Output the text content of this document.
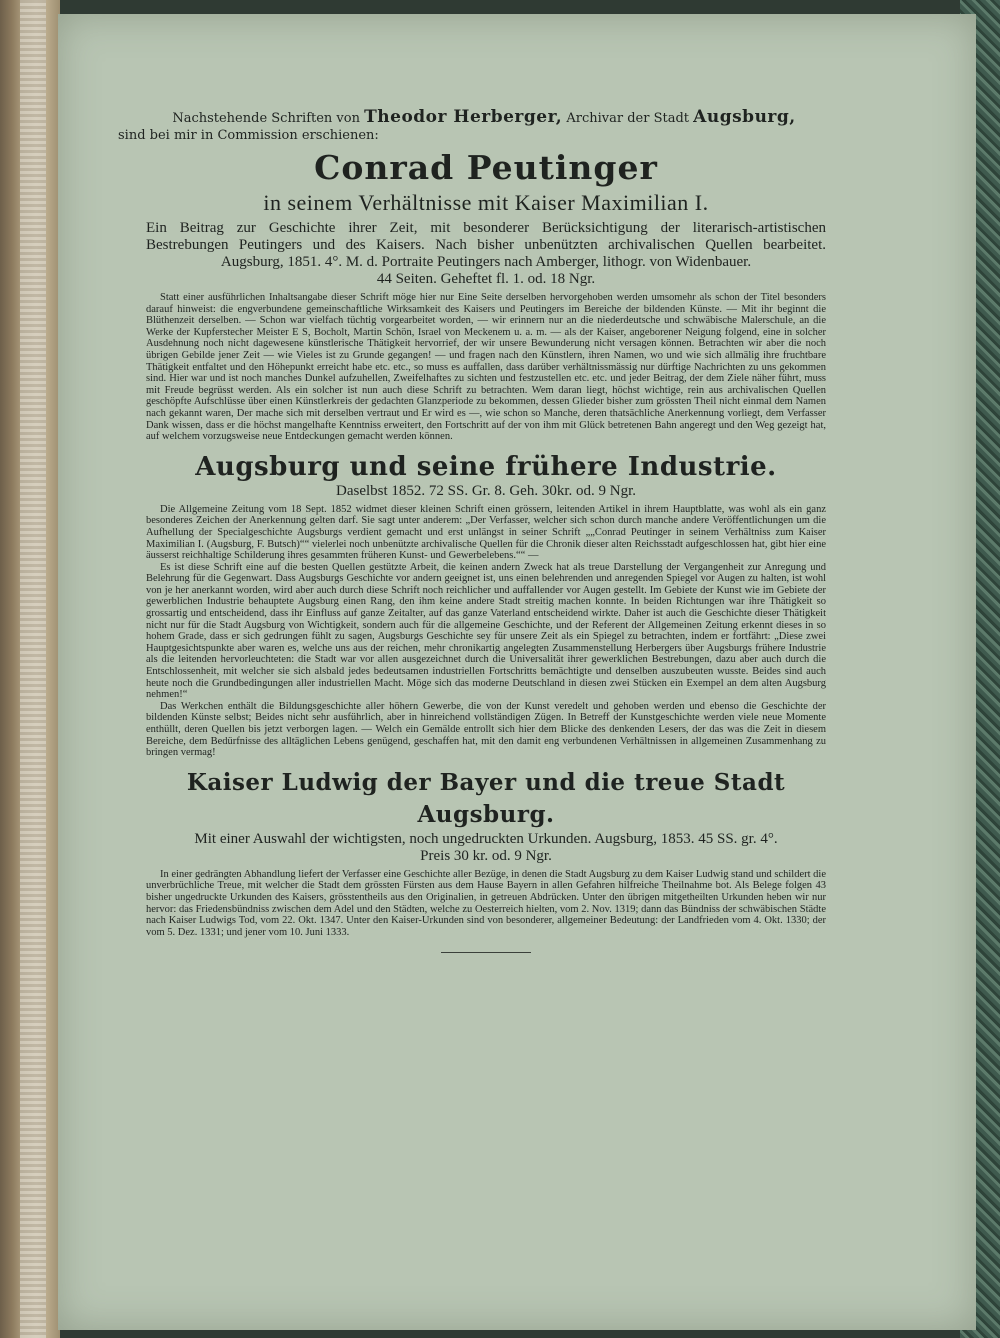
Nachstehende Schriften von Theodor Herberger, Archivar der Stadt Augsburg,
sind bei mir in Commission erschienen:
Conrad Peutinger
in seinem Verhältnisse mit Kaiser Maximilian I.
Ein Beitrag zur Geschichte ihrer Zeit, mit besonderer Berücksichtigung der literarisch-artistischen
Bestrebungen Peutingers und des Kaisers. Nach bisher unbenützten archivalischen Quellen bearbeitet.
Augsburg, 1851. 4°. M. d. Portraite Peutingers nach Amberger, lithogr. von Widenbauer.
44 Seiten. Geheftet fl. 1. od. 18 Ngr.

Statt einer ausführlichen Inhaltsangabe dieser Schrift möge hier nur Eine Seite derselben hervorgehoben werden umsomehr als schon der Titel besonders darauf hinweist: die engverbundene gemeinschaftliche Wirksamkeit des Kaisers und Peutingers im Bereiche der bildenden Künste. — Mit ihr beginnt die Blüthenzeit derselben. — Schon war vielfach tüchtig vorgearbeitet worden, — wir erinnern nur an die niederdeutsche und schwäbische Malerschule, an die Werke der Kupferstecher Meister E S, Bocholt, Martin Schön, Israel von Meckenem u. a. m. — als der Kaiser, angeborener Neigung folgend, eine in solcher Ausdehnung noch nicht dagewesene künstlerische Thätigkeit hervorrief, der wir unsere Bewunderung nicht versagen können. Betrachten wir aber die noch übrigen Gebilde jener Zeit — wie Vieles ist zu Grunde gegangen! — und fragen nach den Künstlern, ihren Namen, wo und wie sich allmälig ihre fruchtbare Thätigkeit entfaltet und den Höhepunkt erreicht habe etc. etc., so muss es auffallen, dass darüber verhältnissmässig nur dürftige Nachrichten zu uns gekommen sind. Hier war und ist noch manches Dunkel aufzuhellen, Zweifelhaftes zu sichten und festzustellen etc. etc. und jeder Beitrag, der dem Ziele näher führt, muss mit Freude begrüsst werden. Als ein solcher ist nun auch diese Schrift zu betrachten. Wem daran liegt, höchst wichtige, rein aus archivalischen Quellen geschöpfte Aufschlüsse über einen Künstlerkreis der gedachten Glanzperiode zu bekommen, dessen Glieder bisher zum grössten Theil nicht einmal dem Namen nach gekannt waren, Der mache sich mit derselben vertraut und Er wird es —, wie schon so Manche, deren thatsächliche Anerkennung vorliegt, dem Verfasser Dank wissen, dass er die höchst mangelhafte Kenntniss erweitert, den Fortschritt auf der von ihm mit Glück betretenen Bahn angeregt und den Weg gezeigt hat, auf welchem vorzugsweise neue Entdeckungen gemacht werden können.

Augsburg und seine frühere Industrie.
Daselbst 1852. 72 SS. Gr. 8. Geh. 30kr. od. 9 Ngr.

Die Allgemeine Zeitung vom 18 Sept. 1852 widmet dieser kleinen Schrift einen grössern, leitenden Artikel in ihrem Hauptblatte, was wohl als ein ganz besonderes Zeichen der Anerkennung gelten darf. Sie sagt unter anderem: „Der Verfasser, welcher sich schon durch manche andere Veröffentlichungen um die Aufhellung der Specialgeschichte Augsburgs verdient gemacht und erst unlängst in seiner Schrift „„Conrad Peutinger in seinem Verhältniss zum Kaiser Maximilian I. (Augsburg, F. Butsch)““ vielerlei noch unbenützte archivalische Quellen für die Chronik dieser alten Reichsstadt aufgeschlossen hat, gibt hier eine äusserst reichhaltige Schilderung ihres gesammten früheren Kunst- und Gewerbelebens.““ —

Es ist diese Schrift eine auf die besten Quellen gestützte Arbeit, die keinen andern Zweck hat als treue Darstellung der Vergangenheit zur Anregung und Belehrung für die Gegenwart. Dass Augsburgs Geschichte vor andern geeignet ist, uns einen belehrenden und anregenden Spiegel vor Augen zu halten, ist wohl von je her anerkannt worden, wird aber auch durch diese Schrift noch reichlicher und auffallender vor Augen gestellt. Im Gebiete der Kunst wie im Gebiete der gewerblichen Industrie behauptete Augsburg einen Rang, den ihm keine andere Stadt streitig machen konnte. In beiden Richtungen war ihre Thätigkeit so grossartig und entscheidend, dass ihr Einfluss auf ganze Zeitalter, auf das ganze Vaterland entscheidend wirkte. Daher ist auch die Geschichte dieser Thätigkeit nicht nur für die Stadt Augsburg von Wichtigkeit, sondern auch für die allgemeine Geschichte, und der Referent der Allgemeinen Zeitung erkennt dieses in so hohem Grade, dass er sich gedrungen fühlt zu sagen, Augsburgs Geschichte sey für unsere Zeit als ein Spiegel zu betrachten, indem er fortfährt: „Diese zwei Hauptgesichtspunkte aber waren es, welche uns aus der reichen, mehr chronikartig angelegten Zusammenstellung Herbergers über Augsburgs frühere Industrie als die leitenden hervorleuchteten: die Stadt war vor allen ausgezeichnet durch die Universalität ihrer gewerklichen Bestrebungen, dazu aber auch durch die Entschlossenheit, mit welcher sie sich alsbald jedes bedeutsamen industriellen Fortschritts bemächtigte und denselben auszubeuten wusste. Beides sind auch heute noch die Grundbedingungen aller industriellen Macht. Möge sich das moderne Deutschland in diesen zwei Stücken ein Exempel an dem alten Augsburg nehmen!“

Das Werkchen enthält die Bildungsgeschichte aller höhern Gewerbe, die von der Kunst veredelt und gehoben werden und ebenso die Geschichte der bildenden Künste selbst; Beides nicht sehr ausführlich, aber in hinreichend vollständigen Zügen. In Betreff der Kunstgeschichte werden viele neue Momente enthüllt, deren Quellen bis jetzt verborgen lagen. — Welch ein Gemälde entrollt sich hier dem Blicke des denkenden Lesers, der das was die Zeit in diesem Bereiche, dem Bedürfnisse des alltäglichen Lebens genügend, geschaffen hat, mit den damit eng verbundenen Verhältnissen in allgemeinen Zusammenhang zu bringen vermag!

Kaiser Ludwig der Bayer und die treue Stadt Augsburg.
Mit einer Auswahl der wichtigsten, noch ungedruckten Urkunden. Augsburg, 1853. 45 SS. gr. 4°.
Preis 30 kr. od. 9 Ngr.

In einer gedrängten Abhandlung liefert der Verfasser eine Geschichte aller Bezüge, in denen die Stadt Augsburg zu dem Kaiser Ludwig stand und schildert die unverbrüchliche Treue, mit welcher die Stadt dem grössten Fürsten aus dem Hause Bayern in allen Gefahren hilfreiche Theilnahme bot. Als Belege folgen 43 bisher ungedruckte Urkunden des Kaisers, grösstentheils aus den Originalien, in getreuen Abdrücken. Unter den übrigen mitgetheilten Urkunden heben wir nur hervor: das Friedensbündniss zwischen dem Adel und den Städten, welche zu Oesterreich hielten, vom 2. Nov. 1319; dann das Bündniss der schwäbischen Städte nach Kaiser Ludwigs Tod, vom 22. Okt. 1347. Unter den Kaiser-Urkunden sind von besonderer, allgemeiner Bedeutung: der Landfrieden vom 4. Okt. 1330; der vom 5. Dez. 1331; und jener vom 10. Juni 1333.
